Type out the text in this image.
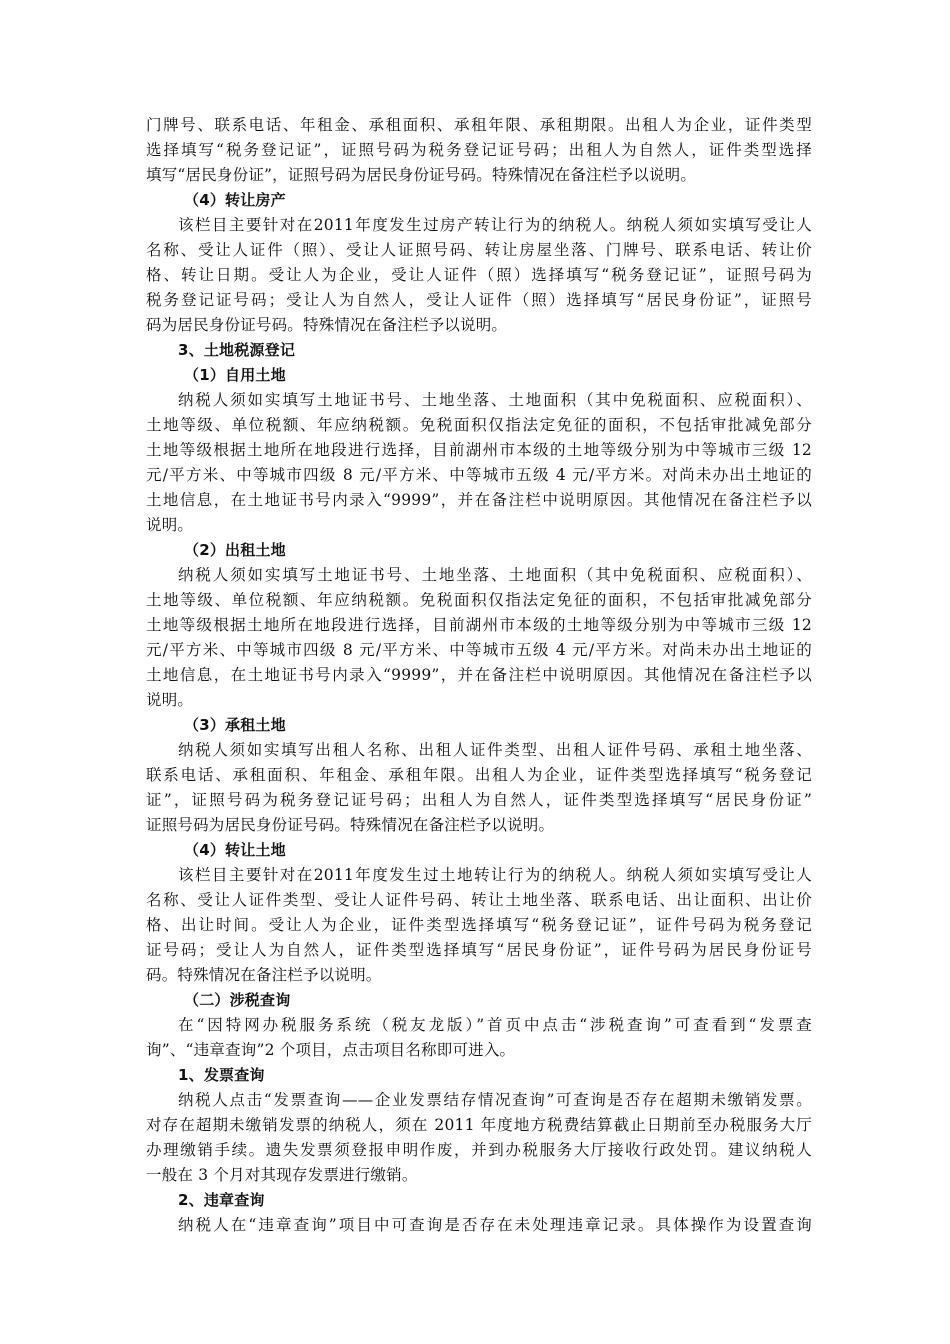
门牌号、联系电话、年租金、承租面积、承租年限、承租期限。出租人为企业，证件类型
选择填写“税务登记证”，证照号码为税务登记证号码；出租人为自然人，证件类型选择
填写“居民身份证”，证照号码为居民身份证号码。特殊情况在备注栏予以说明。
（4）转让房产
该栏目主要针对在2011年度发生过房产转让行为的纳税人。纳税人须如实填写受让人
名称、受让人证件（照）、受让人证照号码、转让房屋坐落、门牌号、联系电话、转让价
格、转让日期。受让人为企业，受让人证件（照）选择填写“税务登记证”，证照号码为
税务登记证号码；受让人为自然人，受让人证件（照）选择填写“居民身份证”，证照号
码为居民身份证号码。特殊情况在备注栏予以说明。
3、土地税源登记
（1）自用土地
纳税人须如实填写土地证书号、土地坐落、土地面积（其中免税面积、应税面积）、
土地等级、单位税额、年应纳税额。免税面积仅指法定免征的面积，不包括审批减免部分
土地等级根据土地所在地段进行选择，目前湖州市本级的土地等级分别为中等城市三级 12
元/平方米、中等城市四级 8 元/平方米、中等城市五级 4 元/平方米。对尚未办出土地证的
土地信息，在土地证书号内录入“9999”，并在备注栏中说明原因。其他情况在备注栏予以
说明。
（2）出租土地
纳税人须如实填写土地证书号、土地坐落、土地面积（其中免税面积、应税面积）、
土地等级、单位税额、年应纳税额。免税面积仅指法定免征的面积，不包括审批减免部分
土地等级根据土地所在地段进行选择，目前湖州市本级的土地等级分别为中等城市三级 12
元/平方米、中等城市四级 8 元/平方米、中等城市五级 4 元/平方米。对尚未办出土地证的
土地信息，在土地证书号内录入“9999”，并在备注栏中说明原因。其他情况在备注栏予以
说明。
（3）承租土地
纳税人须如实填写出租人名称、出租人证件类型、出租人证件号码、承租土地坐落、
联系电话、承租面积、年租金、承租年限。出租人为企业，证件类型选择填写“税务登记
证”，证照号码为税务登记证号码；出租人为自然人，证件类型选择填写“居民身份证”
证照号码为居民身份证号码。特殊情况在备注栏予以说明。
（4）转让土地
该栏目主要针对在2011年度发生过土地转让行为的纳税人。纳税人须如实填写受让人
名称、受让人证件类型、受让人证件号码、转让土地坐落、联系电话、出让面积、出让价
格、出让时间。受让人为企业，证件类型选择填写“税务登记证”，证件号码为税务登记
证号码；受让人为自然人，证件类型选择填写“居民身份证”，证件号码为居民身份证号
码。特殊情况在备注栏予以说明。
（二）涉税查询
在“因特网办税服务系统（税友龙版）”首页中点击“涉税查询”可查看到“发票查
询”、“违章查询”2 个项目，点击项目名称即可进入。
1、发票查询
纳税人点击“发票查询——企业发票结存情况查询”可查询是否存在超期未缴销发票。
对存在超期未缴销发票的纳税人，须在 2011 年度地方税费结算截止日期前至办税服务大厅
办理缴销手续。遗失发票须登报申明作废，并到办税服务大厅接收行政处罚。建议纳税人
一般在 3 个月对其现存发票进行缴销。
2、违章查询
纳税人在“违章查询”项目中可查询是否存在未处理违章记录。具体操作为设置查询
